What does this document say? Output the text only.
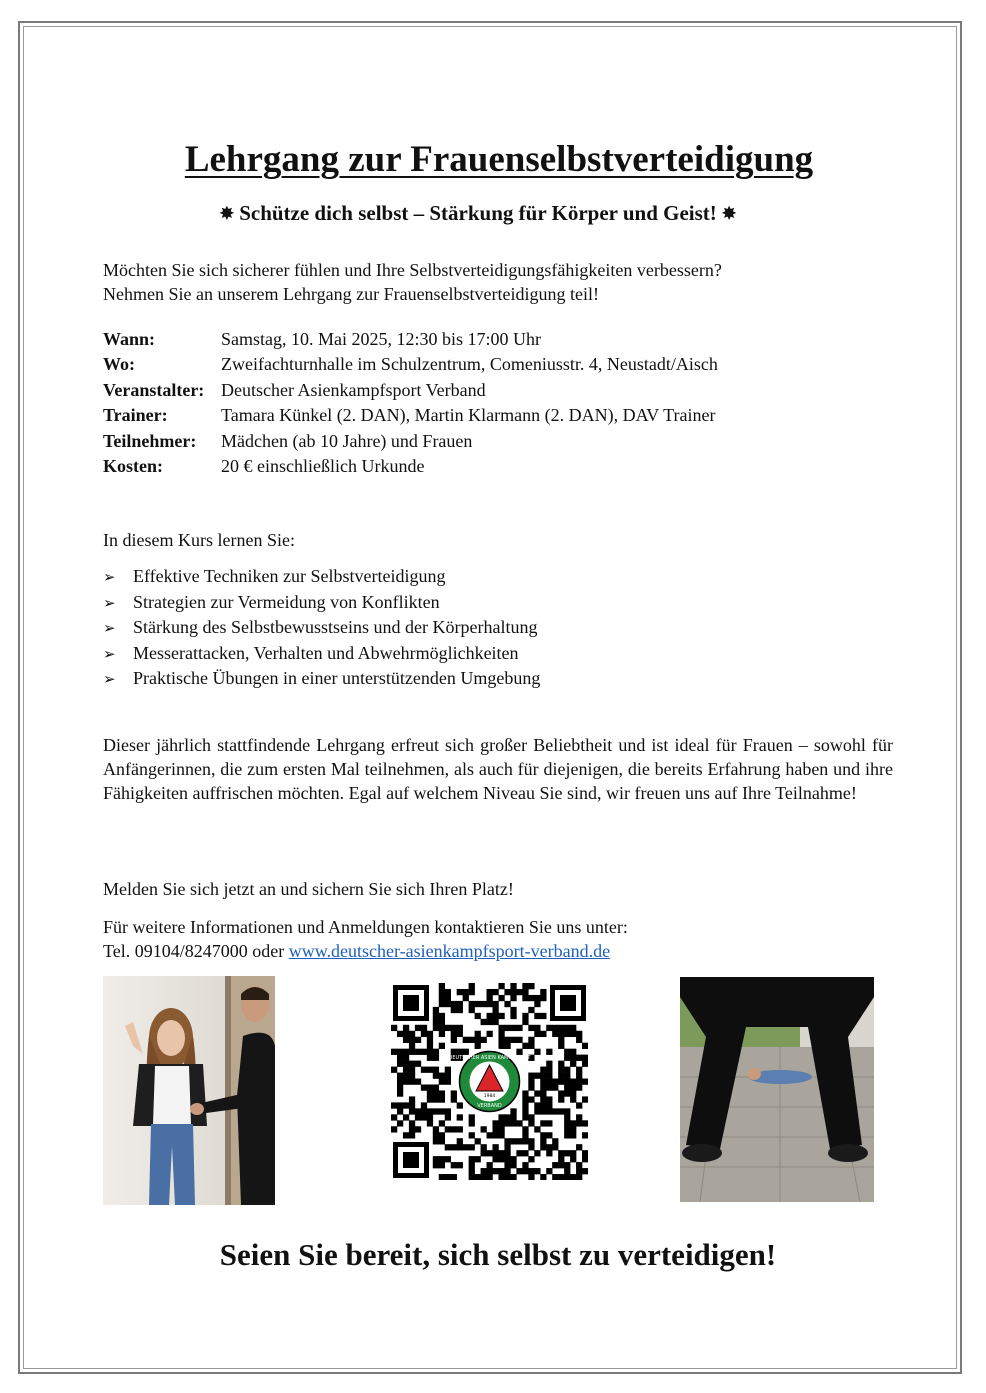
Lehrgang zur Frauenselbstverteidigung
✸ Schütze dich selbst – Stärkung für Körper und Geist! ✸
Möchten Sie sich sicherer fühlen und Ihre Selbstverteidigungsfähigkeiten verbessern?
Nehmen Sie an unserem Lehrgang zur Frauenselbstverteidigung teil!
Wann:	Samstag, 10. Mai 2025, 12:30 bis 17:00 Uhr
Wo:	Zweifachturnhalle im Schulzentrum, Comeniusstr. 4, Neustadt/Aisch
Veranstalter: Deutscher Asienkampfsport Verband
Trainer:	Tamara Künkel (2. DAN), Martin Klarmann (2. DAN), DAV Trainer
Teilnehmer: Mädchen (ab 10 Jahre) und Frauen
Kosten:	20 € einschließlich Urkunde
In diesem Kurs lernen Sie:
➢ Effektive Techniken zur Selbstverteidigung
➢ Strategien zur Vermeidung von Konflikten
➢ Stärkung des Selbstbewusstseins und der Körperhaltung
➢ Messerattacken, Verhalten und Abwehrmöglichkeiten
➢ Praktische Übungen in einer unterstützenden Umgebung
Dieser jährlich stattfindende Lehrgang erfreut sich großer Beliebtheit und ist ideal für Frauen – sowohl für Anfängerinnen, die zum ersten Mal teilnehmen, als auch für diejenigen, die bereits Erfahrung haben und ihre Fähigkeiten auffrischen möchten. Egal auf welchem Niveau Sie sind, wir freuen uns auf Ihre Teilnahme!
Melden Sie sich jetzt an und sichern Sie sich Ihren Platz!
Für weitere Informationen und Anmeldungen kontaktieren Sie uns unter:
Tel. 09104/8247000 oder www.deutscher-asienkampfsport-verband.de
DEUTSCHER ASIEN KAMPFSPORT
1984
VERBAND
Seien Sie bereit, sich selbst zu verteidigen!
